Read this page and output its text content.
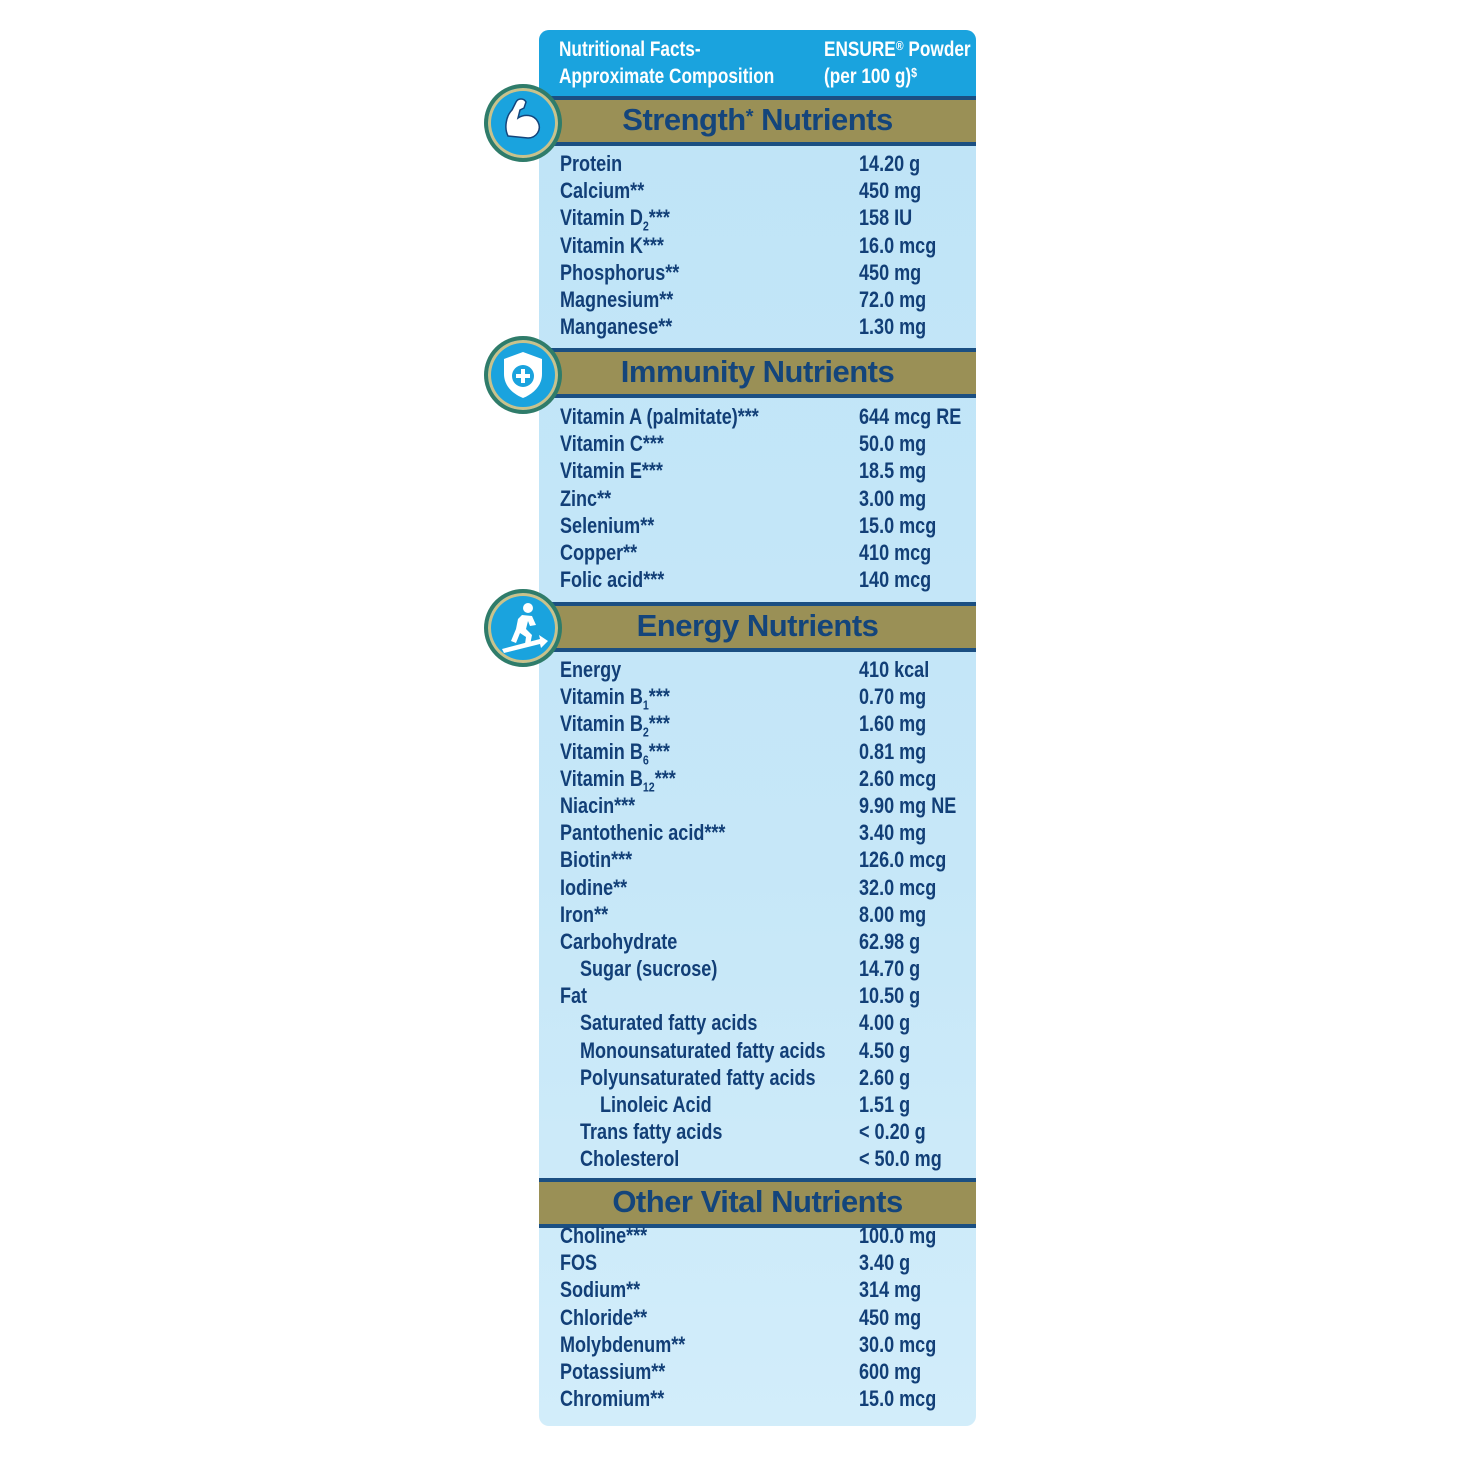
Nutritional Facts-
Approximate Composition
ENSURE® Powder
(per 100 g)$
Strength* Nutrients
Protein	14.20 g
Calcium**	450 mg
Vitamin $D_2***$	158 IU
Vitamin K***	16.0 mcg
Phosphorus**	450 mg
Magnesium**	72.0 mg
Manganese**	1.30 mg
Immunity Nutrients
Vitamin A (palmitate)***	644 mcg RE
Vitamin C***	50.0 mg
Vitamin E***	18.5 mg
Zinc**	3.00 mg
Selenium**	15.0 mcg
Copper**	410 mcg
Folic acid***	140 mcg
Energy Nutrients
Energy	410 kcal
Vitamin $B_1***$	0.70 mg
Vitamin $B_2***$	1.60 mg
Vitamin $B_6***$	0.81 mg
Vitamin $B_{12}***$	2.60 mcg
Niacin***	9.90 mg NE
Pantothenic acid***	3.40 mg
Biotin***	126.0 mcg
Iodine**	32.0 mcg
Iron**	8.00 mg
Carbohydrate	62.98 g
Sugar (sucrose)	14.70 g
Fat	10.50 g
Saturated fatty acids	4.00 g
Monounsaturated fatty acids 4.50 g
Polyunsaturated fatty acids 2.60 g
Linoleic Acid	1.51 g
Trans fatty acids	< 0.20 g
Cholesterol	< 50.0 mg
Other Vital Nutrients
Choline***	100.0 mg
FOS	3.40 g
Sodium**	314 mg
Chloride**	450 mg
Molybdenum**	30.0 mcg
Potassium**	600 mg
Chromium**	15.0 mcg
